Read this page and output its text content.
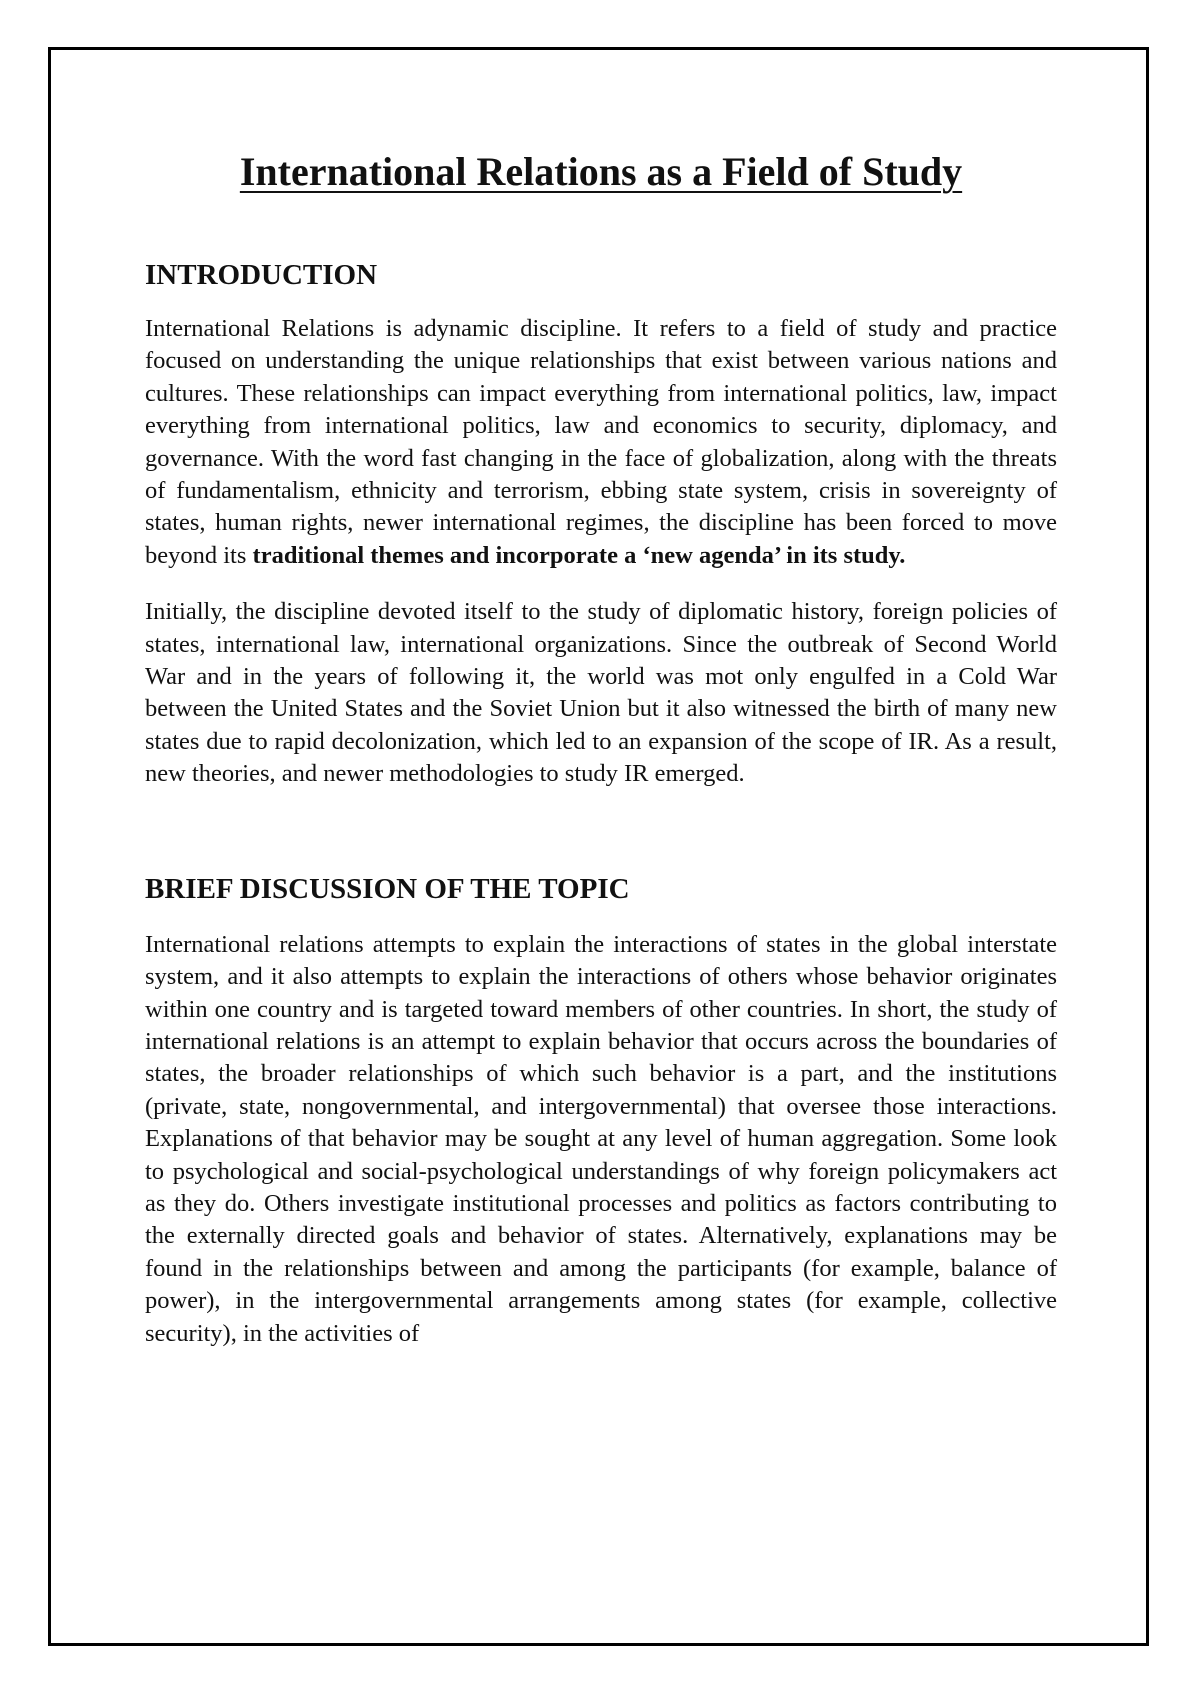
International Relations as a Field of Study
INTRODUCTION

International Relations is adynamic discipline. It refers to a field of study and practice focused on understanding the unique relationships that exist between various nations and cultures. These relationships can impact everything from international politics, law, impact everything from international politics, law and economics to security, diplomacy, and governance. With the word fast changing in the face of globalization, along with the threats of fundamentalism, ethnicity and terrorism, ebbing state system, crisis in sovereignty of states, human rights, newer international regimes, the discipline has been forced to move beyond its traditional themes and incorporate a ‘new agenda’ in its study.

Initially, the discipline devoted itself to the study of diplomatic history, foreign policies of states, international law, international organizations. Since the outbreak of Second World War and in the years of following it, the world was mot only engulfed in a Cold War between the United States and the Soviet Union but it also witnessed the birth of many new states due to rapid decolonization, which led to an expansion of the scope of IR. As a result, new theories, and newer methodologies to study IR emerged.

BRIEF DISCUSSION OF THE TOPIC

International relations attempts to explain the interactions of states in the global interstate system, and it also attempts to explain the interactions of others whose behavior originates within one country and is targeted toward members of other countries. In short, the study of international relations is an attempt to explain behavior that occurs across the boundaries of states, the broader relationships of which such behavior is a part, and the institutions (private, state, nongovernmental, and intergovernmental) that oversee those interactions. Explanations of that behavior may be sought at any level of human aggregation. Some look to psychological and social-psychological understandings of why foreign policymakers act as they do. Others investigate institutional processes and politics as factors contributing to the externally directed goals and behavior of states. Alternatively, explanations may be found in the relationships between and among the participants (for example, balance of power), in the intergovernmental arrangements among states (for example, collective security), in the activities of
